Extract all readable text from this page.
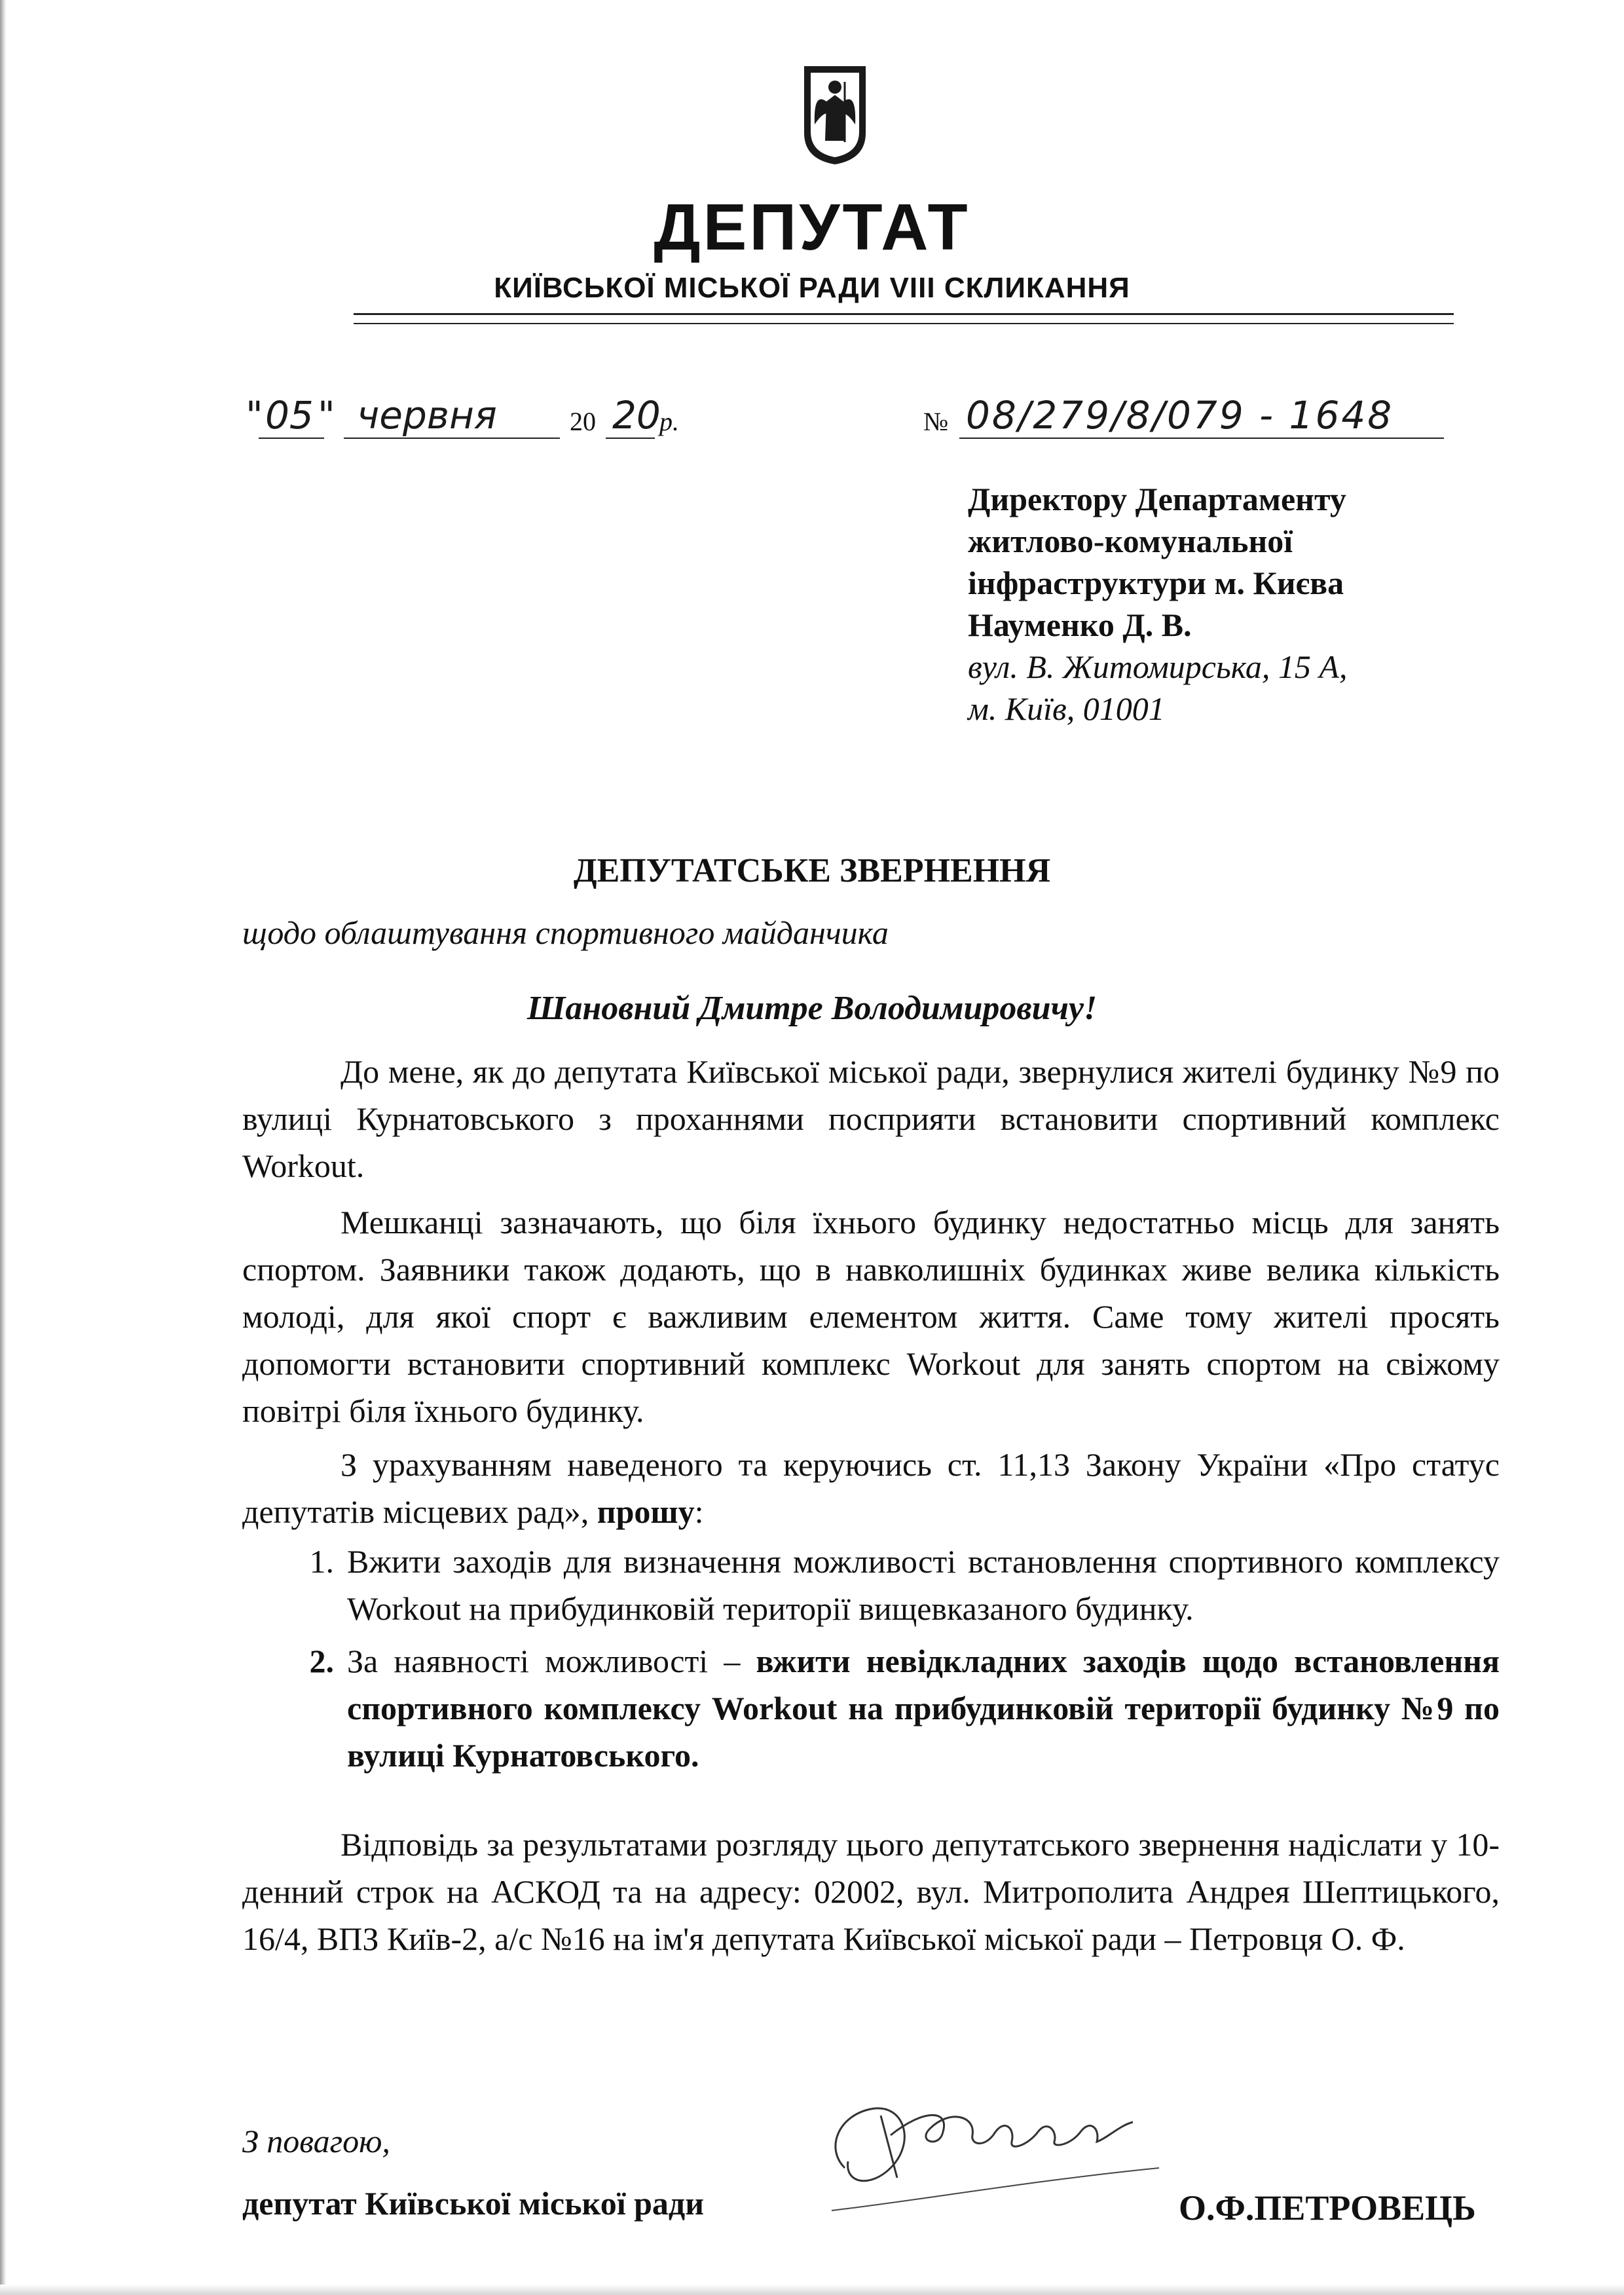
ДЕПУТАТ
КИЇВСЬКОЇ МІСЬКОЇ РАДИ VIII СКЛИКАННЯ
" 05 " червня	20 20
р.	№ 08/279/8/079 - 1648
Директору Департаменту
житлово-комунальної
інфраструктури м. Києва
Науменко Д. В.
вул. В. Житомирська, 15 А,
м. Київ, 01001
ДЕПУТАТСЬКЕ ЗВЕРНЕННЯ
щодо облаштування спортивного майданчика
Шановний Дмитре Володимировичу!
До мене, як до депутата Київської міської ради, звернулися жителі будинку №9 по вулиці Курнатовського з проханнями посприяти встановити спортивний комплекс Workout.
Мешканці зазначають, що біля їхнього будинку недостатньо місць для занять спортом. Заявники також додають, що в навколишніх будинках живе велика кількість молоді, для якої спорт є важливим елементом життя. Саме тому жителі просять допомогти встановити спортивний комплекс Workout для занять спортом на свіжому повітрі біля їхнього будинку.
З урахуванням наведеного та керуючись ст. 11,13 Закону України «Про статус депутатів місцевих рад», прошу:
1. Вжити заходів для визначення можливості встановлення спортивного комплексу Workout на прибудинковій території вищевказаного будинку.
2. За наявності можливості – вжити невідкладних заходів щодо встановлення спортивного комплексу Workout на прибудинковій території будинку №9 по вулиці Курнатовського.
Відповідь за результатами розгляду цього депутатського звернення надіслати у 10-денний строк на АСКОД та на адресу: 02002, вул. Митрополита Андрея Шептицького, 16/4, ВПЗ Київ-2, а/с №16 на ім'я депутата Київської міської ради – Петровця О. Ф.
З повагою,
депутат Київської міської ради	О.Ф.ПЕТРОВЕЦЬ
